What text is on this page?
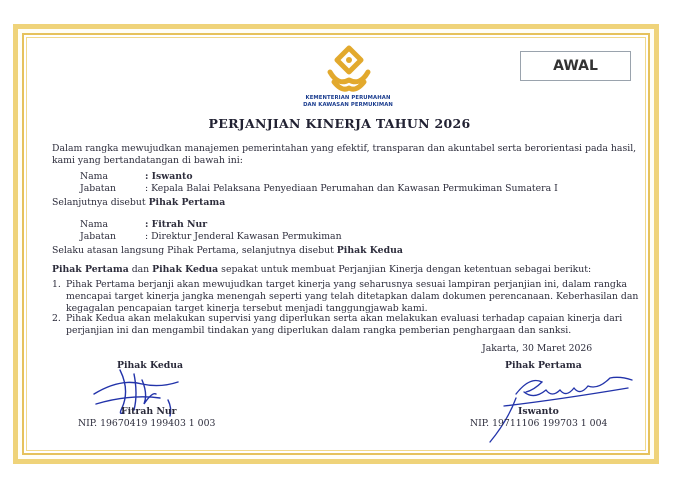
AWAL
KEMENTERIAN PERUMAHAN
DAN KAWASAN PERMUKIMAN
PERJANJIAN KINERJA TAHUN 2026
Dalam rangka mewujudkan manajemen pemerintahan yang efektif, transparan dan akuntabel serta berorientasi pada hasil,
kami yang bertandatangan di bawah ini:
Nama	: Iswanto
Jabatan	: Kepala Balai Pelaksana Penyediaan Perumahan dan Kawasan Permukiman Sumatera I
Selanjutnya disebut Pihak Pertama
Nama	: Fitrah Nur
Jabatan	: Direktur Jenderal Kawasan Permukiman
Selaku atasan langsung Pihak Pertama, selanjutnya disebut Pihak Kedua
Pihak Pertama dan Pihak Kedua sepakat untuk membuat Perjanjian Kinerja dengan ketentuan sebagai berikut:
1. Pihak Pertama berjanji akan mewujudkan target kinerja yang seharusnya sesuai lampiran perjanjian ini, dalam rangka
mencapai target kinerja jangka menengah seperti yang telah ditetapkan dalam dokumen perencanaan. Keberhasilan dan
kegagalan pencapaian target kinerja tersebut menjadi tanggungjawab kami.
2. Pihak Kedua akan melakukan supervisi yang diperlukan serta akan melakukan evaluasi terhadap capaian kinerja dari
perjanjian ini dan mengambil tindakan yang diperlukan dalam rangka pemberian penghargaan dan sanksi.
Jakarta, 30 Maret 2026
Pihak Kedua
Fitrah Nur
NIP. 19670419 199403 1 003
Pihak Pertama
Iswanto
NIP. 19711106 199703 1 004
